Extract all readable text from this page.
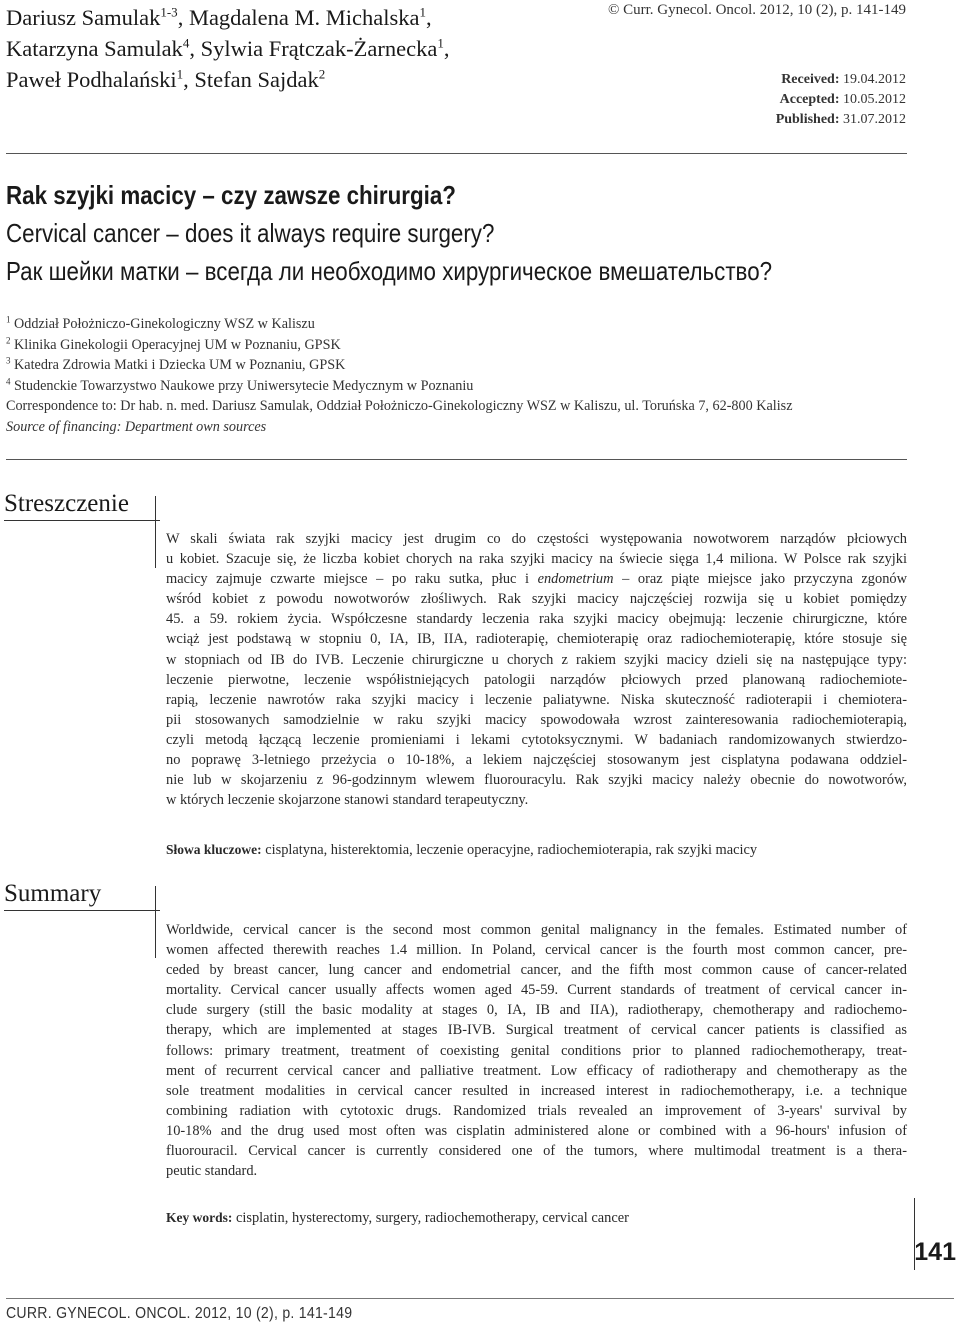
Dariusz Samulak$^{1-3}$, Magdalena M. Michalska$^1$,
Katarzyna Samulak$^4$, Sylwia Frątczak-Żarnecka$^1$,
Paweł Podhalański$^1$, Stefan Sajdak$^2$
© Curr. Gynecol. Oncol. 2012, 10 (2), p. 141-149
Received: 19.04.2012
Accepted: 10.05.2012
Published: 31.07.2012
Rak szyjki macicy – czy zawsze chirurgia?
Cervical cancer – does it always require surgery?
Рак шейки матки – всегда ли необходимо хирургическое вмешательство?
$^1$ Oddział Położniczo-Ginekologiczny WSZ w Kaliszu
$^2$ Klinika Ginekologii Operacyjnej UM w Poznaniu, GPSK
$^3$ Katedra Zdrowia Matki i Dziecka UM w Poznaniu, GPSK
$^4$ Studenckie Towarzystwo Naukowe przy Uniwersytecie Medycznym w Poznaniu
Correspondence to: Dr hab. n. med. Dariusz Samulak, Oddział Położniczo-Ginekologiczny WSZ w Kaliszu, ul. Toruńska 7, 62-800 Kalisz
Source of financing: Department own sources
Streszczenie
W skali świata rak szyjki macicy jest drugim co do częstości występowania nowotworem narządów płciowych
u kobiet. Szacuje się, że liczba kobiet chorych na raka szyjki macicy na świecie sięga 1,4 miliona. W Polsce rak szyjki
macicy zajmuje czwarte miejsce – po raku sutka, płuc i endometrium – oraz piąte miejsce jako przyczyna zgonów
wśród kobiet z powodu nowotworów złośliwych. Rak szyjki macicy najczęściej rozwija się u kobiet pomiędzy
45. a 59. rokiem życia. Współczesne standardy leczenia raka szyjki macicy obejmują: leczenie chirurgiczne, które
wciąż jest podstawą w stopniu 0, IA, IB, IIA, radioterapię, chemioterapię oraz radiochemioterapię, które stosuje się
w stopniach od IB do IVB. Leczenie chirurgiczne u chorych z rakiem szyjki macicy dzieli się na następujące typy:
leczenie pierwotne, leczenie współistniejących patologii narządów płciowych przed planowaną radiochemiote-
rapią, leczenie nawrotów raka szyjki macicy i leczenie paliatywne. Niska skuteczność radioterapii i chemiotera-
pii stosowanych samodzielnie w raku szyjki macicy spowodowała wzrost zainteresowania radiochemioterapią,
czyli metodą łączącą leczenie promieniami i lekami cytotoksycznymi. W badaniach randomizowanych stwierdzo-
no poprawę 3-letniego przeżycia o 10-18%, a lekiem najczęściej stosowanym jest cisplatyna podawana oddziel-
nie lub w skojarzeniu z 96-godzinnym wlewem fluorouracylu. Rak szyjki macicy należy obecnie do nowotworów,
w których leczenie skojarzone stanowi standard terapeutyczny.
Słowa kluczowe: cisplatyna, histerektomia, leczenie operacyjne, radiochemioterapia, rak szyjki macicy
Summary
Worldwide, cervical cancer is the second most common genital malignancy in the females. Estimated number of
women affected therewith reaches 1.4 million. In Poland, cervical cancer is the fourth most common cancer, pre-
ceded by breast cancer, lung cancer and endometrial cancer, and the fifth most common cause of cancer-related
mortality. Cervical cancer usually affects women aged 45-59. Current standards of treatment of cervical cancer in-
clude surgery (still the basic modality at stages 0, IA, IB and IIA), radiotherapy, chemotherapy and radiochemo-
therapy, which are implemented at stages IB-IVB. Surgical treatment of cervical cancer patients is classified as
follows: primary treatment, treatment of coexisting genital conditions prior to planned radiochemotherapy, treat-
ment of recurrent cervical cancer and palliative treatment. Low efficacy of radiotherapy and chemotherapy as the
sole treatment modalities in cervical cancer resulted in increased interest in radiochemotherapy, i.e. a technique
combining radiation with cytotoxic drugs. Randomized trials revealed an improvement of 3-years' survival by
10-18% and the drug used most often was cisplatin administered alone or combined with a 96-hours' infusion of
fluorouracil. Cervical cancer is currently considered one of the tumors, where multimodal treatment is a thera-
peutic standard.
Key words: cisplatin, hysterectomy, surgery, radiochemotherapy, cervical cancer
141
CURR. GYNECOL. ONCOL. 2012, 10 (2), p. 141-149
